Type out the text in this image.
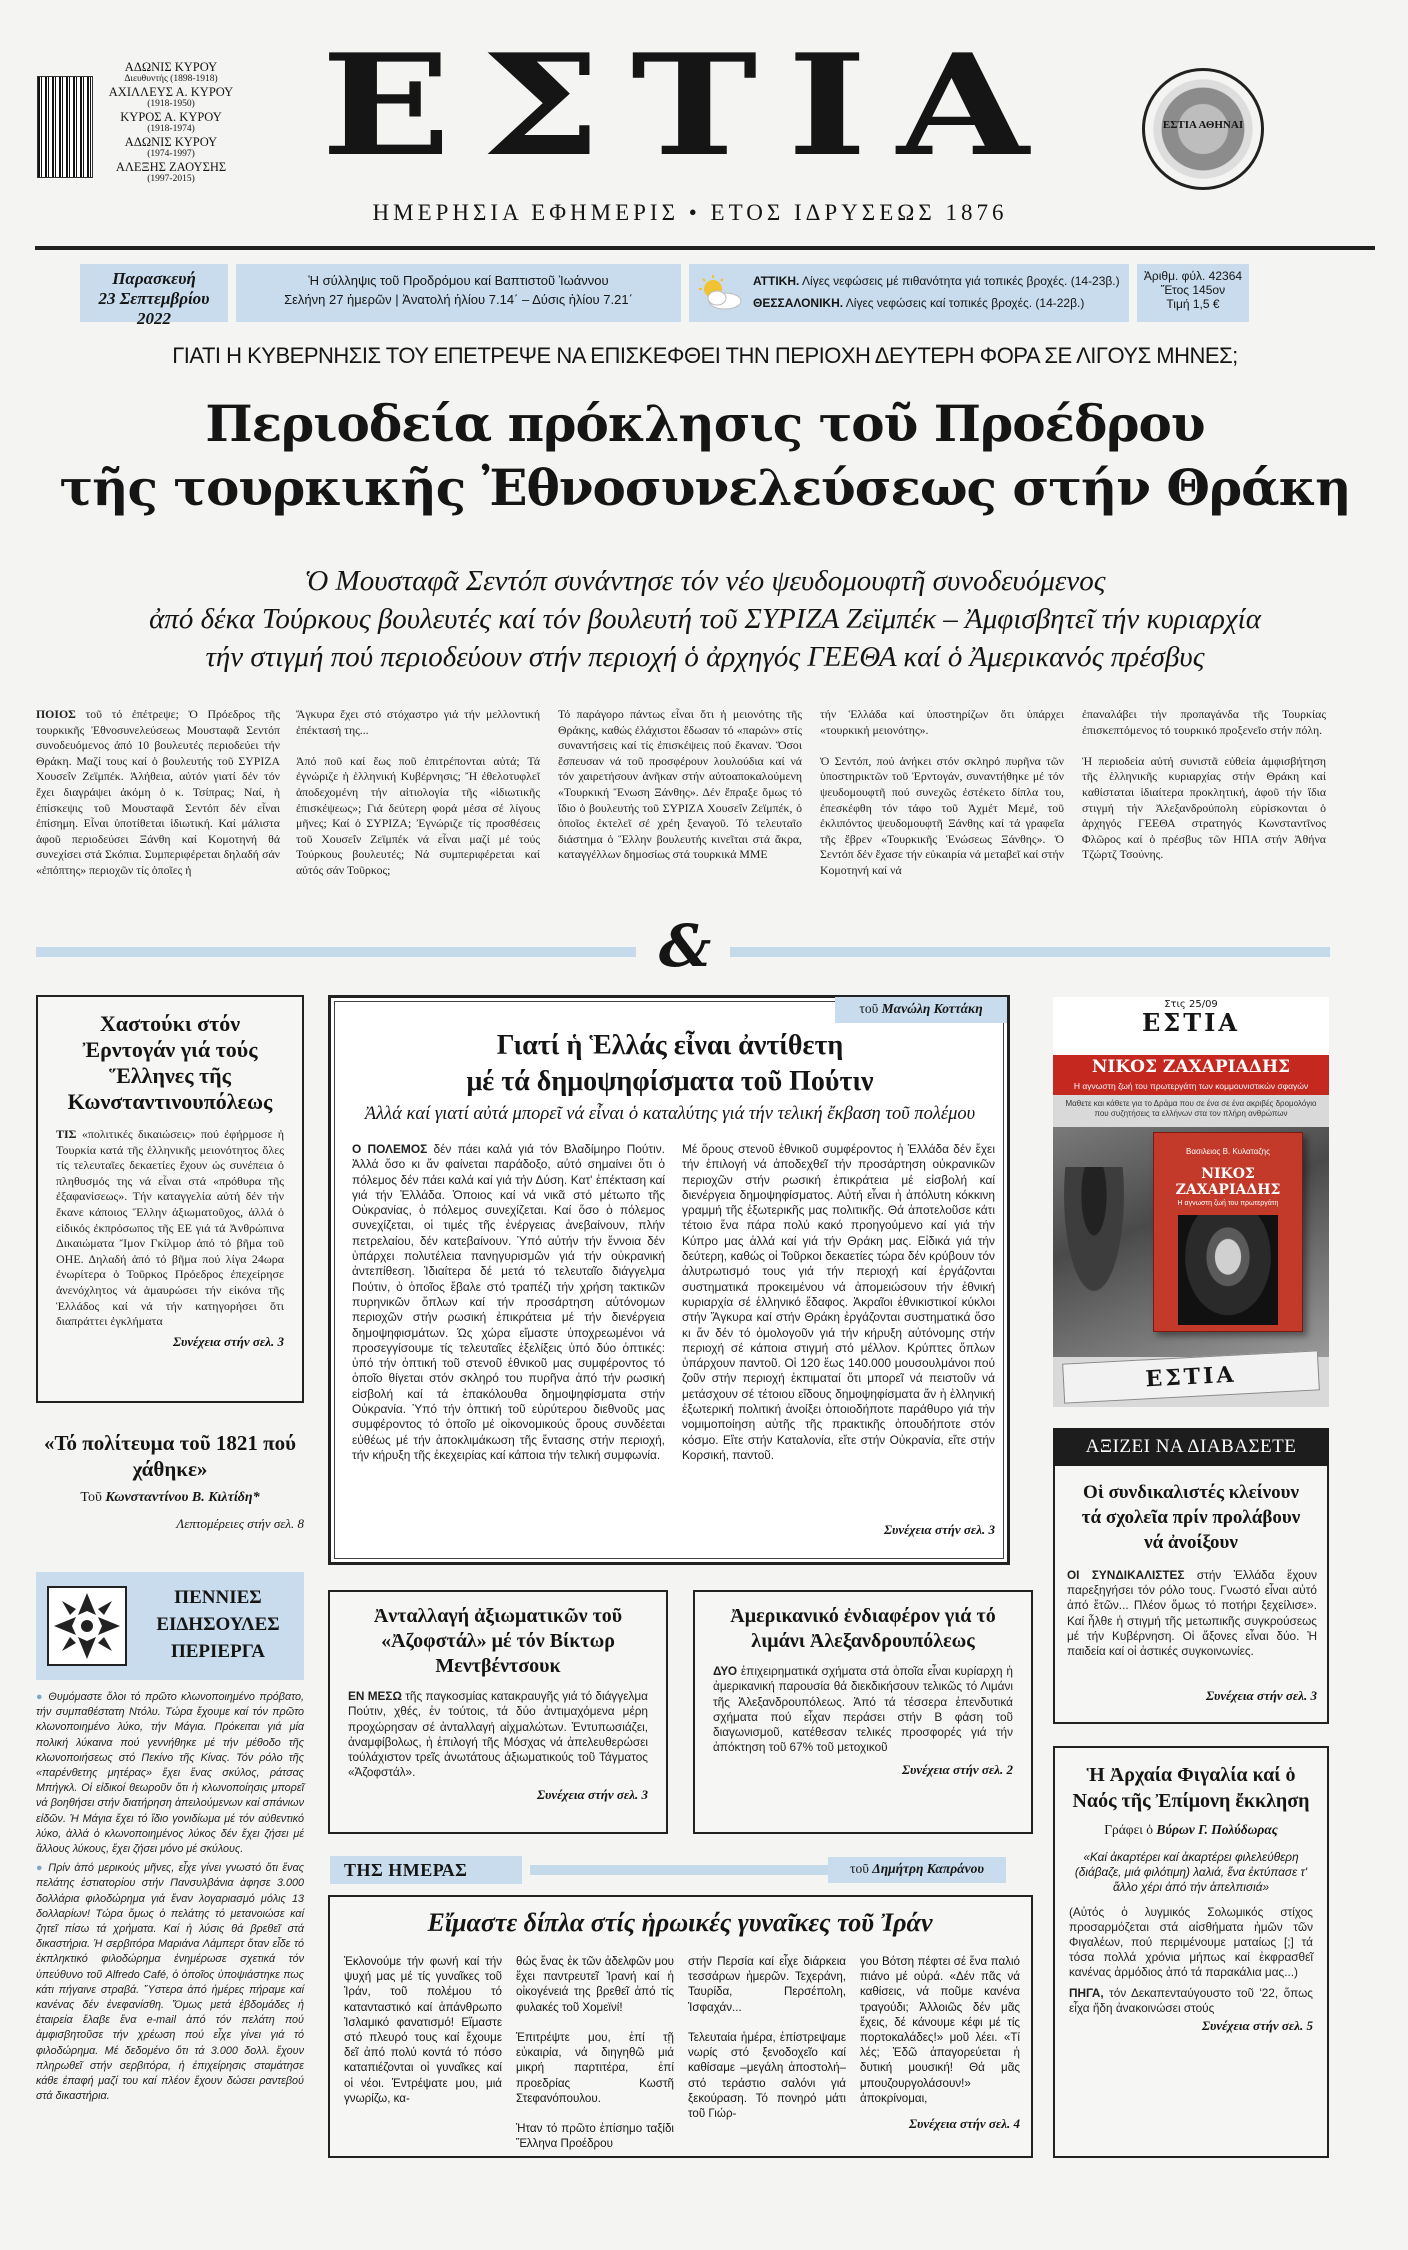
ΑΔΩΝΙΣ ΚΥΡΟΥ
Διευθυντής (1898-1918)
ΑΧΙΛΛΕΥΣ Α. ΚΥΡΟΥ
(1918-1950)
ΚΥΡΟΣ Α. ΚΥΡΟΥ
(1918-1974)
ΑΔΩΝΙΣ ΚΥΡΟΥ
(1974-1997)
ΑΛΕΞΗΣ ΖΑΟΥΣΗΣ
(1997-2015) ΕΣΤΙΑ
ΗΜΕΡΗΣΙΑ ΕΦΗΜΕΡΙΣ • ΕΤΟΣ ΙΔΡΥΣΕΩΣ 1876
ΕΣΤΙΑ ΑΘΗΝΑΙ
Παρασκευή
23 Σεπτεμβρίου 2022
Ἡ σύλληψις τοῦ Προδρόμου καί Βαπτιστοῦ Ἰωάννου
Σελήνη 27 ἡμερῶν | Ἀνατολή ἡλίου 7.14΄ – Δύσις ἡλίου 7.21΄
ΑΤΤΙΚΗ. Λίγες νεφώσεις μέ πιθανότητα γιά τοπικές βροχές. (14-23β.)
ΘΕΣΣΑΛΟΝΙΚΗ. Λίγες νεφώσεις καί τοπικές βροχές. (14-22β.)
Ἀριθμ. φύλ. 42364
Ἔτος 145ον
Τιμή 1,5 €
ΓΙΑΤΙ Η ΚΥΒΕΡΝΗΣΙΣ ΤΟΥ ΕΠΕΤΡΕΨΕ ΝΑ ΕΠΙΣΚΕΦΘΕΙ ΤΗΝ ΠΕΡΙΟΧΗ ΔΕΥΤΕΡΗ ΦΟΡΑ ΣΕ ΛΙΓΟΥΣ ΜΗΝΕΣ;
Περιοδεία πρόκλησις τοῦ Προέδρου
τῆς τουρκικῆς Ἐθνοσυνελεύσεως στήν Θράκη
Ὁ Μουσταφᾶ Σεντόπ συνάντησε τόν νέο ψευδομουφτῆ συνοδευόμενος
ἀπό δέκα Τούρκους βουλευτές καί τόν βουλευτή τοῦ ΣΥΡΙΖΑ Ζεϊμπέκ – Ἀμφισβητεῖ τήν κυριαρχία
τήν στιγμή πού περιοδεύουν στήν περιοχή ὁ ἀρχηγός ΓΕΕΘΑ καί ὁ Ἀμερικανός πρέσβυς
ΠΟΙΟΣ τοῦ τό ἐπέτρεψε; Ὁ Πρόεδρος τῆς τουρκικῆς Ἐθνοσυνελεύσεως Μουσταφᾶ Σεντόπ συνοδευόμενος ἀπό 10 βουλευτές περιοδεύει τήν Θράκη. Μαζί τους καί ὁ βουλευτής τοῦ ΣΥΡΙΖΑ Χουσεΐν Ζεϊμπέκ. Ἀλήθεια, αὐτόν γιατί δέν τόν ἔχει διαγράψει ἀκόμη ὁ κ. Τσίπρας; Ναί, ἡ ἐπίσκεψις τοῦ Μουσταφᾶ Σεντόπ δέν εἶναι ἐπίσημη. Εἶναι ὑποτίθεται ἰδιωτική. Καί μάλιστα ἀφοῦ περιοδεύσει Ξάνθη καί Κομοτηνή θά συνεχίσει στά Σκόπια. Συμπεριφέρεται δηλαδή σάν «ἐπόπτης» περιοχῶν τίς ὁποῖες ἡ
Ἄγκυρα ἔχει στό στόχαστρο γιά τήν μελλοντική ἐπέκτασή της...

Ἀπό ποῦ καί ἕως ποῦ ἐπιτρέπονται αὐτά; Τά ἐγνώριζε ἡ ἑλληνική Κυβέρνησις; Ἤ ἐθελοτυφλεῖ ἀποδεχομένη τήν αἰτιολογία τῆς «ἰδιωτικῆς ἐπισκέψεως»; Γιά δεύτερη φορά μέσα σέ λίγους μῆνες; Καί ὁ ΣΥΡΙΖΑ; Ἐγνώριζε τίς προσθέσεις τοῦ Χουσεΐν Ζεϊμπέκ νά εἶναι μαζί μέ τούς Τούρκους βουλευτές; Νά συμπεριφέρεται καί αὐτός σάν Τοῦρκος;
Τό παράγορο πάντως εἶναι ὅτι ἡ μειονότης τῆς Θράκης, καθώς ἐλάχιστοι ἔδωσαν τό «παρών» στίς συναντήσεις καί τίς ἐπισκέψεις πού ἔκαναν. Ὅσοι ἔσπευσαν νά τοῦ προσφέρουν λουλούδια καί νά τόν χαιρετήσουν ἀνῆκαν στήν αὐτοαποκαλούμενη «Τουρκική Ἕνωση Ξάνθης». Δέν ἔπραξε ὅμως τό ἴδιο ὁ βουλευτής τοῦ ΣΥΡΙΖΑ Χουσεΐν Ζεϊμπέκ, ὁ ὁποῖος ἐκτελεῖ σέ χρέη ξεναγοῦ. Τό τελευταῖο διάστημα ὁ Ἕλλην βουλευτής κινεῖται στά ἄκρα, καταγγέλλων δημοσίως στά τουρκικά ΜΜΕ
τήν Ἑλλάδα καί ὑποστηρίζων ὅτι ὑπάρχει «τουρκική μειονότης».

Ὁ Σεντόπ, πού ἀνήκει στόν σκληρό πυρῆνα τῶν ὑποστηρικτῶν τοῦ Ἐρντογάν, συναντήθηκε μέ τόν ψευδομουφτῆ πού συνεχῶς ἐστέκετο δίπλα του, ἐπεσκέφθη τόν τάφο τοῦ Ἀχμέτ Μεμέ, τοῦ ἐκλιπόντος ψευδομουφτῆ Ξάνθης καί τά γραφεῖα τῆς ἕβρεν «Τουρκικῆς Ἑνώσεως Ξάνθης». Ὁ Σεντόπ δέν ἔχασε τήν εὐκαιρία νά μεταβεῖ καί στήν Κομοτηνή καί νά
ἐπαναλάβει τήν προπαγάνδα τῆς Τουρκίας ἐπισκεπτόμενος τό τουρκικό προξενεῖο στήν πόλη.

Ἡ περιοδεία αὐτή συνιστᾶ εὐθεία ἀμφισβήτηση τῆς ἑλληνικῆς κυριαρχίας στήν Θράκη καί καθίσταται ἰδιαίτερα προκλητική, ἀφοῦ τήν ἴδια στιγμή τήν Ἀλεξανδρούπολη εὑρίσκονται ὁ ἀρχηγός ΓΕΕΘΑ στρατηγός Κωνσταντῖνος Φλῶρος καί ὁ πρέσβυς τῶν ΗΠΑ στήν Ἀθήνα Τζώρτζ Τσούνης.
&
Χαστούκι στόν Ἐρντογάν γιά τούς Ἕλληνες τῆς Κωνσταντινουπόλεως
ΤΙΣ «πολιτικές δικαιώσεις» πού ἐφήρμοσε ἡ Τουρκία κατά τῆς ἑλληνικῆς μειονότητος ὅλες τίς τελευταῖες δεκαετίες ἔχουν ὡς συνέπεια ὁ πληθυσμός της νά εἶναι στά «πρόθυρα τῆς ἐξαφανίσεως». Τήν καταγγελία αὐτή δέν τήν ἔκανε κάποιος Ἕλλην ἀξιωματοῦχος, ἀλλά ὁ εἰδικός ἐκπρόσωπος τῆς ΕΕ γιά τά Ἀνθρώπινα Δικαιώματα Ἴμον Γκίλμορ ἀπό τό βῆμα τοῦ ΟΗΕ. Δηλαδή ἀπό τό βῆμα πού λίγα 24ωρα ἐνωρίτερα ὁ Τοῦρκος Πρόεδρος ἐπεχείρησε ἀνενόχλητος νά ἀμαυρώσει τήν εἰκόνα τῆς Ἑλλάδος καί νά τήν κατηγορήσει ὅτι διαπράττει ἐγκλήματα
Συνέχεια στήν σελ. 3
«Τό πολίτευμα τοῦ 1821 πού χάθηκε»
Τοῦ Κωνσταντίνου Β. Κιλτίδη*
Λεπτομέρειες στήν σελ. 8
ΠΕΝΝΙΕΣ
ΕΙΔΗΣΟΥΛΕΣ
ΠΕΡΙΕΡΓΑ

● Θυμόμαστε ὅλοι τό πρῶτο κλωνοποιημένο πρόβατο, τήν συμπαθέστατη Ντόλυ. Τώρα ἔχουμε καί τόν πρῶτο κλωνοποιημένο λύκο, τήν Μάγια. Πρόκειται γιά μία πολική λύκαινα πού γεννήθηκε μέ τήν μέθοδο τῆς κλωνοποιήσεως στό Πεκίνο τῆς Κίνας. Τόν ρόλο τῆς «παρένθετης μητέρας» ἔχει ἕνας σκύλος, ράτσας Μπήγκλ. Οἱ εἰδικοί θεωροῦν ὅτι ἡ κλωνοποίησις μπορεῖ νά βοηθήσει στήν διατήρηση ἀπειλούμενων καί σπάνιων εἰδῶν. Ἡ Μάγια ἔχει τό ἴδιο γονιδίωμα μέ τόν αὐθεντικό λύκο, ἀλλά ὁ κλωνοποιημένος λύκος δέν ἔχει ζήσει μέ ἄλλους λύκους, ἔχει ζήσει μόνο μέ σκύλους.

● Πρίν ἀπό μερικούς μῆνες, εἶχε γίνει γνωστό ὅτι ἕνας πελάτης ἑστιατορίου στήν Πανσυλβάνια ἀφησε 3.000 δολλάρια φιλοδώρημα γιά ἕναν λογαριασμό μόλις 13 δολλαρίων! Τώρα ὅμως ὁ πελάτης τό μετανοιώσε καί ζητεῖ πίσω τά χρήματα. Καί ἡ λύσις θά βρεθεῖ στά δικαστήρια. Ἡ σερβιτόρα Μαριάνα Λάμπερτ ὅταν εἶδε τό ἐκπληκτικό φιλοδώρημα ἐνημέρωσε σχετικά τόν ὑπεύθυνο τοῦ Alfredo Café, ὁ ὁποῖος ὑποψιάστηκε πως κάτι πήγαινε στραβά. Ὕστερα ἀπό ἡμέρες πήραμε καί κανένας δέν ἐνεφανίσθη. Ὅμως μετά ἑβδομάδες ἡ ἑταιρεία ἔλαβε ἕνα e-mail ἀπό τόν πελάτη πού ἀμφισβητοῦσε τήν χρέωση πού εἶχε γίνει γιά τό φιλοδώρημα. Μέ δεδομένο ὅτι τά 3.000 δολλ. ἔχουν πληρωθεῖ στήν σερβιτόρα, ἡ ἐπιχείρησις σταμάτησε κάθε ἐπαφή μαζί του καί πλέον ἔχουν δώσει ραντεβού στά δικαστήρια.

τοῦ Μανώλη Κοττάκη
Γιατί ἡ Ἑλλάς εἶναι ἀντίθετη
μέ τά δημοψηφίσματα τοῦ Πούτιν
Ἀλλά καί γιατί αὐτά μπορεῖ νά εἶναι ὁ καταλύτης γιά τήν τελική ἔκβαση τοῦ πολέμου
Ο ΠΟΛΕΜΟΣ δέν πάει καλά γιά τόν Βλαδίμηρο Πούτιν. Ἀλλά ὅσο κι ἄν φαίνεται παράδοξο, αὐτό σημαίνει ὅτι ὁ πόλεμος δέν πάει καλά καί γιά τήν Δύση. Κατ' ἐπέκταση καί γιά τήν Ἑλλάδα. Ὁποιος καί νά νικᾶ στό μέτωπο τῆς Οὐκρανίας, ὁ πόλεμος συνεχίζεται. Καί ὅσο ὁ πόλεμος συνεχίζεται, οἱ τιμές τῆς ἐνέργειας ἀνεβαίνουν, πλήν πετρελαίου, δέν κατεβαίνουν. Ὑπό αὐτήν τήν ἔννοια δέν ὑπάρχει πολυτέλεια πανηγυρισμῶν γιά τήν οὐκρανική ἀντεπίθεση. Ἰδιαίτερα δέ μετά τό τελευταῖο διάγγελμα Πούτιν, ὁ ὁποῖος ἔβαλε στό τραπέζι τήν χρήση τακτικῶν πυρηνικῶν ὅπλων καί τήν προσάρτηση αὐτόνομων περιοχῶν στήν ρωσική ἐπικράτεια μέ τήν διενέργεια δημοψηφισμάτων. Ὡς χώρα εἴμαστε ὑποχρεωμένοι νά προσεγγίσουμε τίς τελευταῖες ἐξελίξεις ὑπό δύο ὀπτικές: ὑπό τήν ὀπτική τοῦ στενοῦ ἐθνικοῦ μας συμφέροντος τό ὁποῖο θίγεται στόν σκληρό του πυρῆνα ἀπό τήν ρωσική εἰσβολή καί τά ἐπακόλουθα δημοψηφίσματα στήν Οὐκρανία. Ὑπό τήν ὀπτική τοῦ εὐρύτερου διεθνοῦς μας συμφέροντος τό ὁποῖο μέ οἰκονομικούς ὅρους συνδέεται εὐθέως μέ τήν ἀποκλιμάκωση τῆς ἔντασης στήν περιοχή, τήν κήρυξη τῆς ἐκεχειρίας καί κάποια τήν τελική συμφωνία.
Μέ ὅρους στενοῦ ἐθνικοῦ συμφέροντος ἡ Ἑλλάδα δέν ἔχει τήν ἐπιλογή νά ἀποδεχθεῖ τήν προσάρτηση οὐκρανικῶν περιοχῶν στήν ρωσική ἐπικράτεια μέ εἰσβολή καί διενέργεια δημοψηφίσματος. Αὐτή εἶναι ἡ ἀπόλυτη κόκκινη γραμμή τῆς ἐξωτερικῆς μας πολιτικῆς. Θά ἀποτελοῦσε κάτι τέτοιο ἕνα πάρα πολύ κακό προηγούμενο καί γιά τήν Κύπρο μας ἀλλά καί γιά τήν Θράκη μας. Εἰδικά γιά τήν δεύτερη, καθώς οἱ Τοῦρκοι δεκαετίες τώρα δέν κρύβουν τόν ἀλυτρωτισμό τους γιά τήν περιοχή καί ἐργάζονται συστηματικά προκειμένου νά ἀπομειώσουν τήν ἐθνική κυριαρχία σέ ἑλληνικό ἔδαφος. Ἀκραῖοι ἐθνικιστικοί κύκλοι στήν Ἄγκυρα καί στήν Θράκη ἐργάζονται συστηματικά ὅσο κι ἄν δέν τό ὁμολογοῦν γιά τήν κήρυξη αὐτόνομης στήν περιοχή σέ κάποια στιγμή στό μέλλον. Κρύπτες ὅπλων ὑπάρχουν παντοῦ. Οἱ 120 ἕως 140.000 μουσουλμάνοι πού ζοῦν στήν περιοχή ἐκπιματαί ὅτι μπορεῖ νά πειστοῦν νά μετάσχουν σέ τέτοιου εἴδους δημοψηφίσματα ἄν ἡ ἑλληνική ἐξωτερική πολιτική ἀνοίξει ὁποιοδήποτε παράθυρο γιά τήν νομιμοποίηση αὐτῆς τῆς πρακτικῆς ὁπουδήποτε στόν κόσμο. Εἴτε στήν Καταλονία, εἴτε στήν Οὐκρανία, εἴτε στήν Κορσική, παντοῦ.
Συνέχεια στήν σελ. 3
Στις 25/09
ΕΣΤΙΑ
ΝΙΚΟΣ ΖΑΧΑΡΙΑΔΗΣ
Η αγνωστη ζωή του πρωτεργάτη των κομμουνιστικών σφαγών
Μαθετε και κάθετε για το Δράμα που σε ένα σε ένα ακριβές δρομολόγιο που συζητήσεις τα ελλήνων στα τον πλήρη ανθρώπων
Βασιλειος Β. Κυλαταζης
ΝΙΚΟΣ ΖΑΧΑΡΙΑΔΗΣ
Η αγνωστη ζωή του πρωτεργάτη
ΕΣΤΙΑ
ΑΞΙΖΕΙ ΝΑ ΔΙΑΒΑΣΕΤΕ
Οἱ συνδικαλιστές κλείνουν τά σχολεῖα πρίν προλάβουν νά ἀνοίξουν
ΟΙ ΣΥΝΔΙΚΑΛΙΣΤΕΣ στήν Ἑλλάδα ἔχουν παρεξηγήσει τόν ρόλο τους. Γνωστό εἶναι αὐτό ἀπό ἔτῶν... Πλέον ὅμως τό ποτήρι ξεχείλισε». Καί ἦλθε ἡ στιγμή τῆς μετωπικῆς συγκρούσεως μέ τήν Κυβέρνηση. Οἱ ἄξονες εἶναι δύο. Ἡ παιδεία καί οἱ ἀστικές συγκοινωνίες.
Συνέχεια στήν σελ. 3
Ἀνταλλαγή ἀξιωματικῶν τοῦ «Ἀζοφστάλ» μέ τόν Βίκτωρ Μεντβέντσουκ
ΕΝ ΜΕΣΩ τῆς παγκοσμίας κατακραυγῆς γιά τό διάγγελμα Πούτιν, χθές, ἐν τούτοις, τά δύο ἀντιμαχόμενα μέρη προχώρησαν σέ ἀνταλλαγή αἰχμαλώτων. Ἐντυπωσιάζει, ἀναμφίβολως, ἡ ἐπιλογή τῆς Μόσχας νά ἀπελευθερώσει τούλάχιστον τρεῖς ἀνωτάτους ἀξιωματικούς τοῦ Τάγματος «Ἀζοφστάλ».
Συνέχεια στήν σελ. 3
Ἀμερικανικό ἐνδιαφέρον γιά τό λιμάνι Ἀλεξανδρουπόλεως
ΔΥΟ ἐπιχειρηματικά σχήματα στά ὁποῖα εἶναι κυρίαρχη ἡ ἀμερικανική παρουσία θά διεκδικήσουν τελικῶς τό Λιμάνι τῆς Ἀλεξανδρουπόλεως. Ἀπό τά τέσσερα ἐπενδυτικά σχήματα πού εἶχαν περάσει στήν Β φάση τοῦ διαγωνισμοῦ, κατέθεσαν τελικές προσφορές γιά τήν ἀπόκτηση τοῦ 67% τοῦ μετοχικοῦ
Συνέχεια στήν σελ. 2	Ἡ Ἀρχαία Φιγαλία καί ὁ Ναός τῆς Ἐπίμονη ἔκκληση
Γράφει ὁ Βύρων Γ. Πολύδωρας
«Καί ἀκαρτέρει καί ἀκαρτέρει φιλελεύθερη (διάβαζε, μιά φιλότιμη) λαλιά, ἕνα ἐκτύπασε τ' ἄλλο χέρι ἀπό τήν ἀπελπισιά»
(Αὐτός ὁ λυγμικός Σολωμικός στίχος προσαρμόζεται στά αἰσθήματα ἡμῶν τῶν Φιγαλέων, πού περιμένουμε ματαίως [;] τά τόσα πολλά χρόνια μήπως καί ἐκφρασθεῖ κανένας ἁρμόδιος ἀπό τά παρακάλια μας...)
ΠΗΓΑ, τόν Δεκαπενταύγουστο τοῦ '22, ὅπως εἶχα ἤδη ἀνακοινώσει στούς
Συνέχεια στήν σελ. 5
ΤΗΣ ΗΜΕΡΑΣ	τοῦ Δημήτρη Καπράνου
Εἴμαστε δίπλα στίς ἡρωικές γυναῖκες τοῦ Ἰράν
Ἐκλονούμε τήν φωνή καί τήν ψυχή μας μέ τίς γυναῖκες τοῦ Ἰράν, τοῦ πολέμου τό κατανταστικό καί ἀπάνθρωπο Ἰσλαμικό φανατισμό! Εἴμαστε στό πλευρό τους καί ἔχουμε δεῖ ἀπό πολύ κοντά τό πόσο καταπιέζονται οἱ γυναῖκες καί οἱ νέοι. Ἐντρέψατε μου, μιά γνωρίζω, κα-
θώς ἔνας ἐκ τῶν ἀδελφῶν μου ἔχει παντρευτεῖ Ἰρανή καί ἡ οἰκογένειά της βρεθεῖ ἀπό τίς φυλακές τοῦ Χομεϊνί!

Ἐπιτρέψτε μου, ἐπί τῇ εὐκαιρία, νά διηγηθῶ μιά μικρή παρτιτέρα, ἐπί προεδρίας Κωστῆ Στεφανόπουλου.

Ἡταν τό πρῶτο ἐπίσημο ταξίδι Ἕλληνα Προέδρου
στήν Περσία καί εἶχε διάρκεια τεσσάρων ἡμερῶν. Τεχεράνη, Ταυρίδα, Περσέπολη, Ἰσφαχάν...

Τελευταία ἡμέρα, ἐπίστρεψαμε νωρίς στό ξενοδοχεῖο καί καθίσαμε –μεγάλη ἀποστολή– στό τεράστιο σαλόνι γιά ξεκούραση. Τό πονηρό μάτι τοῦ Γιώρ-
γου Βότση πέφτει σέ ἕνα παλιό πιάνο μέ οὐρά. «Δέν πᾶς νά καθίσεις, νά ποῦμε κανένα τραγούδι; Ἀλλοιῶς δέν μᾶς ἔχεις, δέ κάνουμε κέφι μέ τίς πορτοκαλάδες!» μοῦ λέει. «Τί λές; Ἐδῶ ἀπαγορεύεται ἡ δυτική μουσική! Θά μᾶς μπουζουργολάσουν!» ἀποκρίνομαι,
Συνέχεια στήν σελ. 4
